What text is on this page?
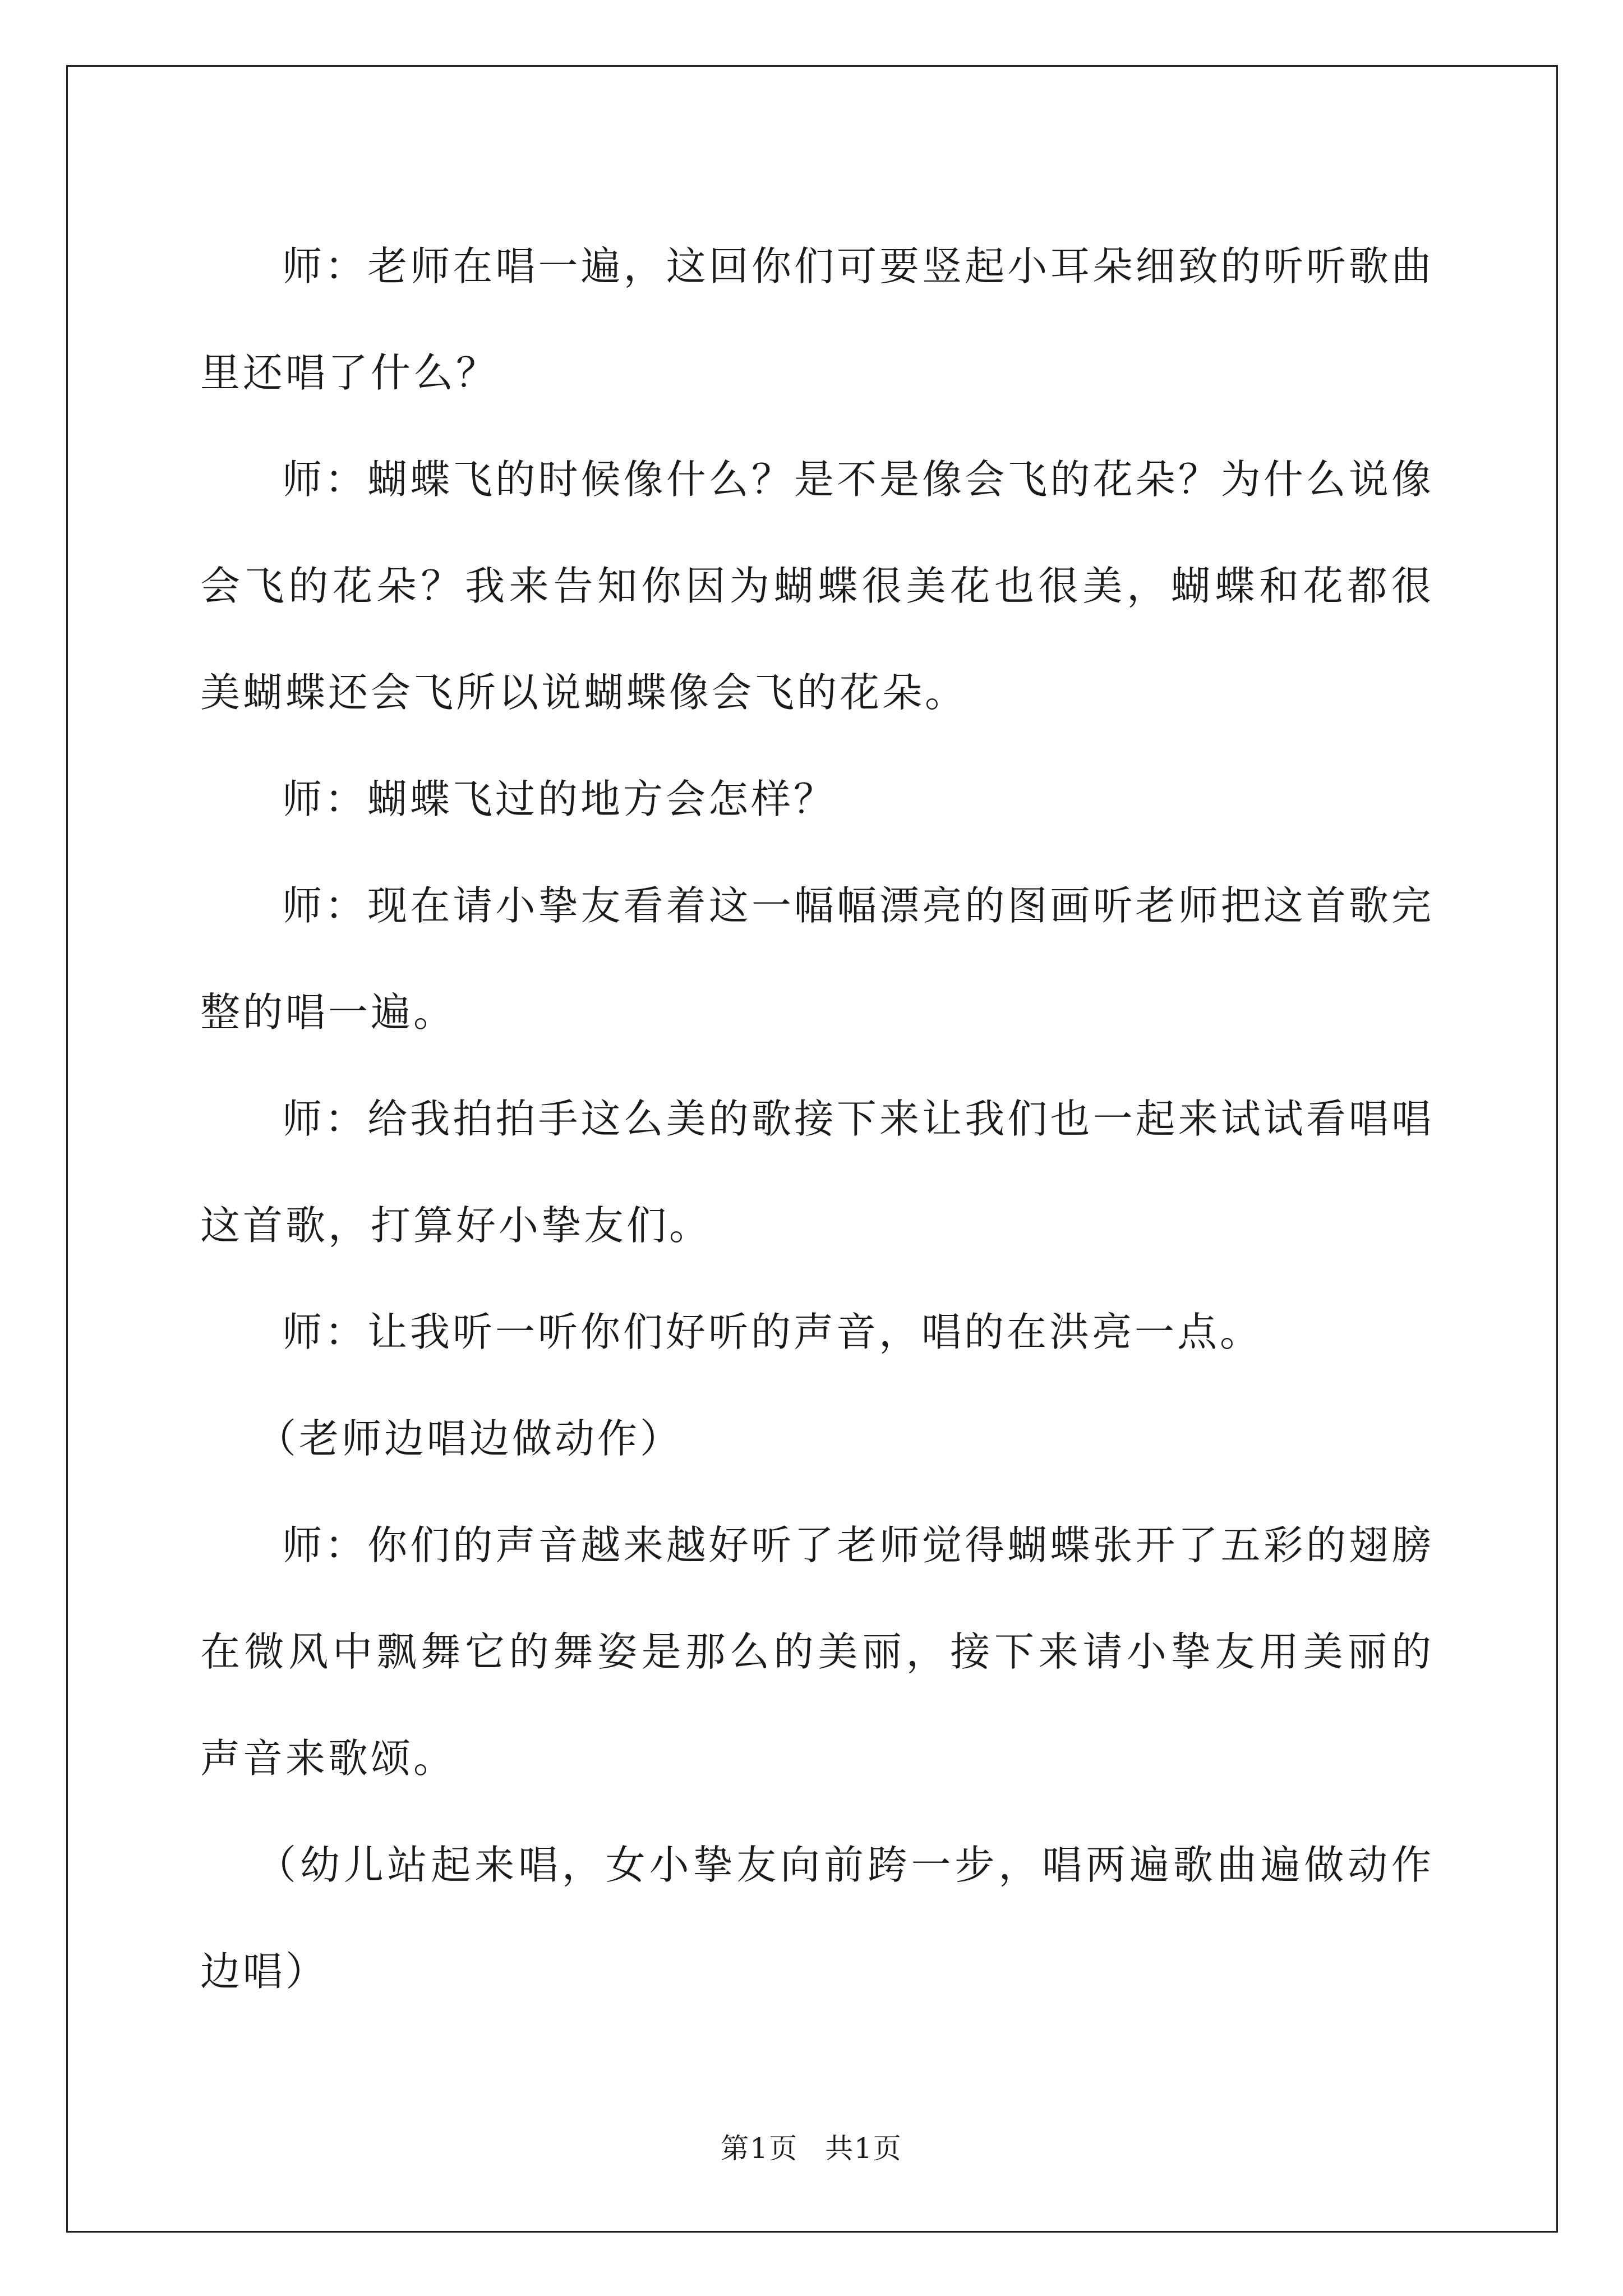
师：老师在唱一遍，这回你们可要竖起小耳朵细致的听听歌曲里还唱了什么？

师：蝴蝶飞的时候像什么？是不是像会飞的花朵？为什么说像会飞的花朵？我来告知你因为蝴蝶很美花也很美，蝴蝶和花都很美蝴蝶还会飞所以说蝴蝶像会飞的花朵。

师：蝴蝶飞过的地方会怎样？

师：现在请小挚友看着这一幅幅漂亮的图画听老师把这首歌完整的唱一遍。

师：给我拍拍手这么美的歌接下来让我们也一起来试试看唱唱这首歌，打算好小挚友们。

师：让我听一听你们好听的声音，唱的在洪亮一点。

（老师边唱边做动作）

师：你们的声音越来越好听了老师觉得蝴蝶张开了五彩的翅膀在微风中飘舞它的舞姿是那么的美丽，接下来请小挚友用美丽的声音来歌颂。

（幼儿站起来唱，女小挚友向前跨一步，唱两遍歌曲遍做动作边唱）

第1页 共1页
